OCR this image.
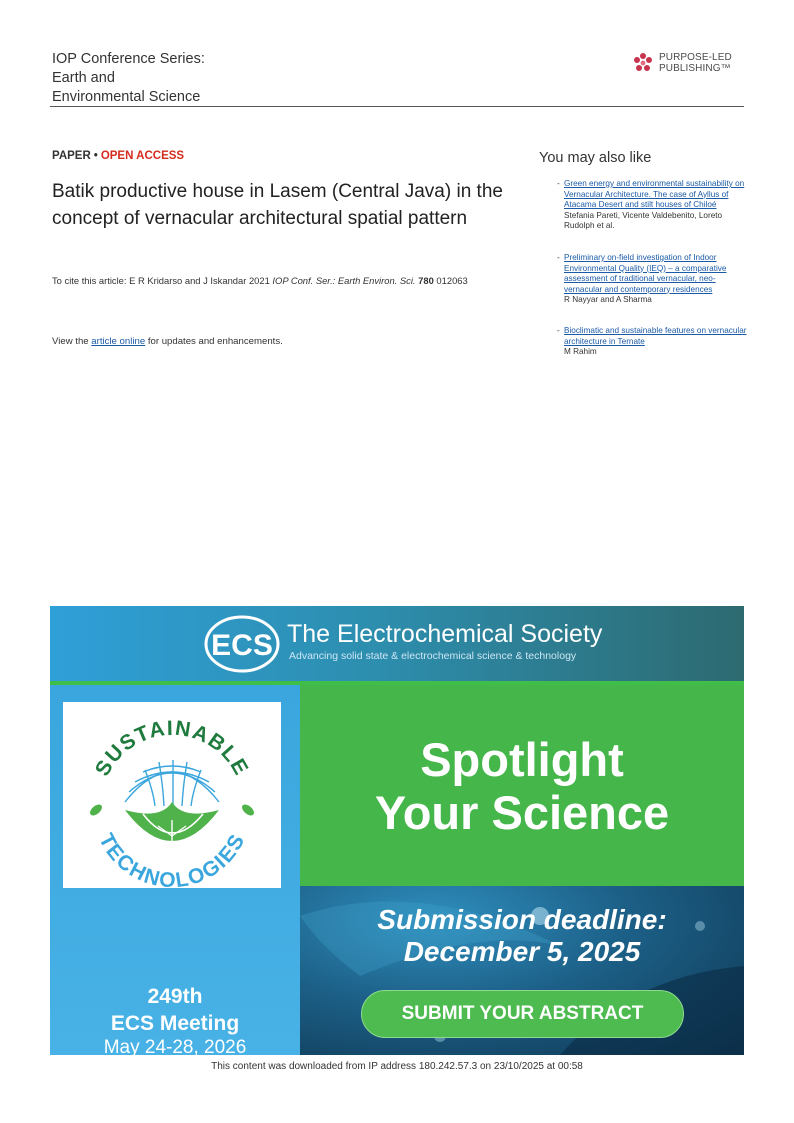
IOP Conference Series:
Earth and
Environmental Science
PURPOSE-LED
PUBLISHING™
PAPER • OPEN ACCESS
Batik productive house in Lasem (Central Java) in the concept of vernacular architectural spatial pattern
To cite this article: E R Kridarso and J Iskandar 2021 IOP Conf. Ser.: Earth Environ. Sci. 780 012063
View the article online for updates and enhancements.
You may also like
- Green energy and environmental sustainability on Vernacular Architecture. The case of Ayllus of Atacama Desert and stilt houses of Chiloé
Stefania Pareti, Vicente Valdebenito, Loreto Rudolph et al.
- Preliminary on-field investigation of Indoor Environmental Quality (IEQ) – a comparative assessment of traditional vernacular, neo-vernacular and contemporary residences
R Nayyar and A Sharma
- Bioclimatic and sustainable features on vernacular architecture in Ternate
M Rahim
ECS The Electrochemical Society
Advancing solid state & electrochemical science & technology
SUSTAINABLE
TECHNOLOGIES
249th
ECS Meeting
May 24-28, 2026
Seattle, WA, US
Washington State
Convention Center
Spotlight
Your Science
Submission deadline:
December 5, 2025
SUBMIT YOUR ABSTRACT
This content was downloaded from IP address 180.242.57.3 on 23/10/2025 at 00:58
